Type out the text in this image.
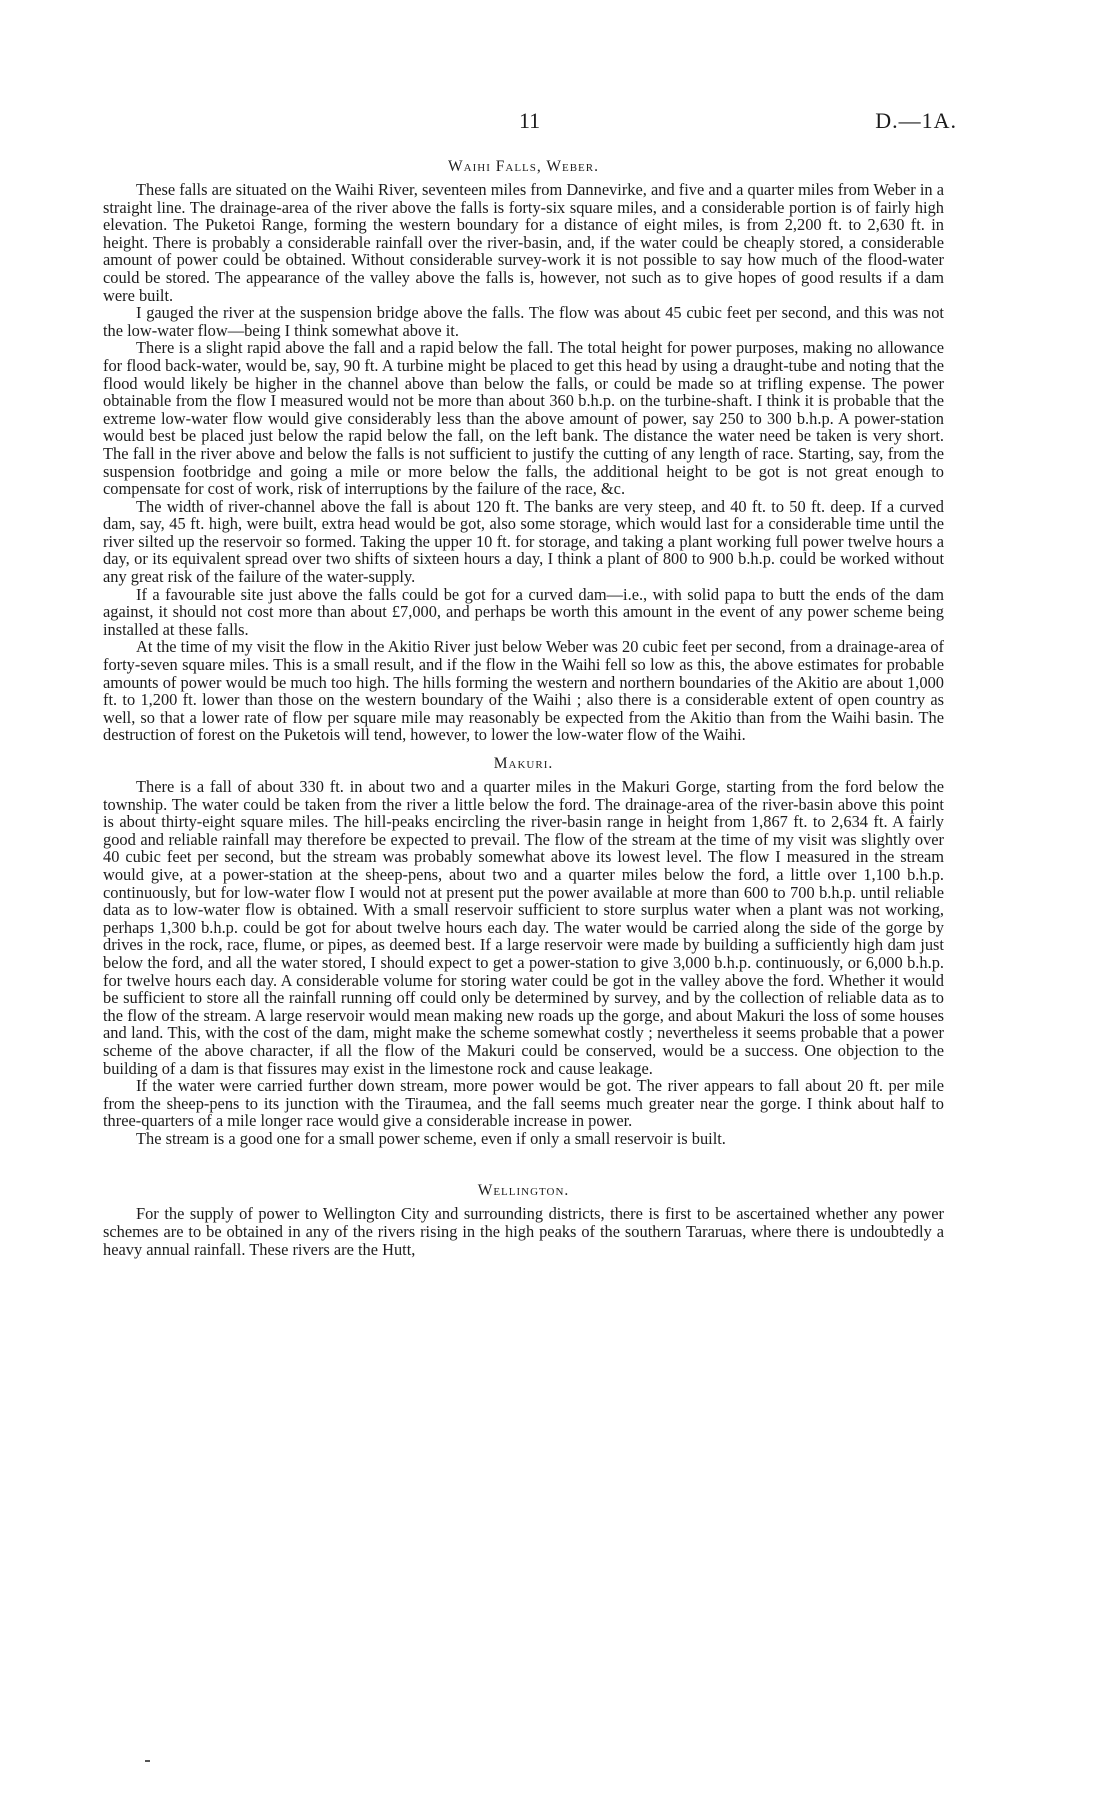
11	D.—1A.
Waihi Falls, Weber.

These falls are situated on the Waihi River, seventeen miles from Dannevirke, and five and a quarter miles from Weber in a straight line. The drainage-area of the river above the falls is forty-six square miles, and a considerable portion is of fairly high elevation. The Puketoi Range, forming the western boundary for a distance of eight miles, is from 2,200 ft. to 2,630 ft. in height. There is probably a considerable rainfall over the river-basin, and, if the water could be cheaply stored, a considerable amount of power could be obtained. Without considerable survey-work it is not possible to say how much of the flood-water could be stored. The appearance of the valley above the falls is, however, not such as to give hopes of good results if a dam were built.

I gauged the river at the suspension bridge above the falls. The flow was about 45 cubic feet per second, and this was not the low-water flow—being I think somewhat above it.

There is a slight rapid above the fall and a rapid below the fall. The total height for power purposes, making no allowance for flood back-water, would be, say, 90 ft. A turbine might be placed to get this head by using a draught-tube and noting that the flood would likely be higher in the channel above than below the falls, or could be made so at trifling expense. The power obtainable from the flow I measured would not be more than about 360 b.h.p. on the turbine-shaft. I think it is probable that the extreme low-water flow would give considerably less than the above amount of power, say 250 to 300 b.h.p. A power-station would best be placed just below the rapid below the fall, on the left bank. The distance the water need be taken is very short. The fall in the river above and below the falls is not sufficient to justify the cutting of any length of race. Starting, say, from the suspension footbridge and going a mile or more below the falls, the additional height to be got is not great enough to compensate for cost of work, risk of interruptions by the failure of the race, &c.

The width of river-channel above the fall is about 120 ft. The banks are very steep, and 40 ft. to 50 ft. deep. If a curved dam, say, 45 ft. high, were built, extra head would be got, also some storage, which would last for a considerable time until the river silted up the reservoir so formed. Taking the upper 10 ft. for storage, and taking a plant working full power twelve hours a day, or its equivalent spread over two shifts of sixteen hours a day, I think a plant of 800 to 900 b.h.p. could be worked without any great risk of the failure of the water-supply.

If a favourable site just above the falls could be got for a curved dam—i.e., with solid papa to butt the ends of the dam against, it should not cost more than about £7,000, and perhaps be worth this amount in the event of any power scheme being installed at these falls.

At the time of my visit the flow in the Akitio River just below Weber was 20 cubic feet per second, from a drainage-area of forty-seven square miles. This is a small result, and if the flow in the Waihi fell so low as this, the above estimates for probable amounts of power would be much too high. The hills forming the western and northern boundaries of the Akitio are about 1,000 ft. to 1,200 ft. lower than those on the western boundary of the Waihi ; also there is a considerable extent of open country as well, so that a lower rate of flow per square mile may reasonably be expected from the Akitio than from the Waihi basin. The destruction of forest on the Puketois will tend, however, to lower the low-water flow of the Waihi.

Makuri.

There is a fall of about 330 ft. in about two and a quarter miles in the Makuri Gorge, starting from the ford below the township. The water could be taken from the river a little below the ford. The drainage-area of the river-basin above this point is about thirty-eight square miles. The hill-peaks encircling the river-basin range in height from 1,867 ft. to 2,634 ft. A fairly good and reliable rainfall may therefore be expected to prevail. The flow of the stream at the time of my visit was slightly over 40 cubic feet per second, but the stream was probably somewhat above its lowest level. The flow I measured in the stream would give, at a power-station at the sheep-pens, about two and a quarter miles below the ford, a little over 1,100 b.h.p. continuously, but for low-water flow I would not at present put the power available at more than 600 to 700 b.h.p. until reliable data as to low-water flow is obtained. With a small reservoir sufficient to store surplus water when a plant was not working, perhaps 1,300 b.h.p. could be got for about twelve hours each day. The water would be carried along the side of the gorge by drives in the rock, race, flume, or pipes, as deemed best. If a large reservoir were made by building a sufficiently high dam just below the ford, and all the water stored, I should expect to get a power-station to give 3,000 b.h.p. continuously, or 6,000 b.h.p. for twelve hours each day. A considerable volume for storing water could be got in the valley above the ford. Whether it would be sufficient to store all the rainfall running off could only be determined by survey, and by the collection of reliable data as to the flow of the stream. A large reservoir would mean making new roads up the gorge, and about Makuri the loss of some houses and land. This, with the cost of the dam, might make the scheme somewhat costly ; nevertheless it seems probable that a power scheme of the above character, if all the flow of the Makuri could be conserved, would be a success. One objection to the building of a dam is that fissures may exist in the limestone rock and cause leakage.

If the water were carried further down stream, more power would be got. The river appears to fall about 20 ft. per mile from the sheep-pens to its junction with the Tiraumea, and the fall seems much greater near the gorge. I think about half to three-quarters of a mile longer race would give a considerable increase in power.

The stream is a good one for a small power scheme, even if only a small reservoir is built.

Wellington.

For the supply of power to Wellington City and surrounding districts, there is first to be ascertained whether any power schemes are to be obtained in any of the rivers rising in the high peaks of the southern Tararuas, where there is undoubtedly a heavy annual rainfall. These rivers are the Hutt,
